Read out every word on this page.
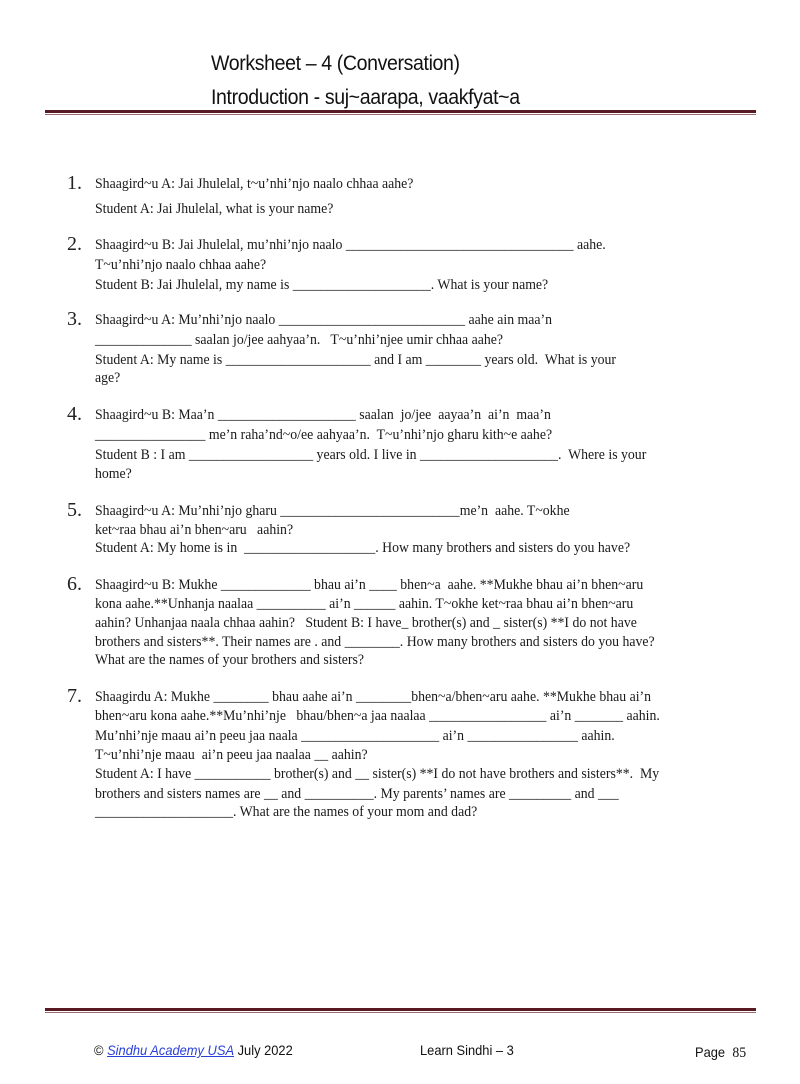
Worksheet – 4 (Conversation)
Introduction - suj~aarapa, vaakfyat~a
1. Shaagird~u A: Jai Jhulelal, t~u’nhi’njo naalo chhaa aahe?
Student A: Jai Jhulelal, what is your name?
2. Shaagird~u B: Jai Jhulelal, mu’nhi’njo naalo _________________________________ aahe.
T~u’nhi’njo naalo chhaa aahe?
Student B: Jai Jhulelal, my name is ____________________. What is your name?
3. Shaagird~u A: Mu’nhi’njo naalo ___________________________ aahe ain maa’n
______________ saalan jo/jee aahyaa’n.   T~u’nhi’njee umir chhaa aahe?
Student A: My name is _____________________ and I am ________ years old.  What is your
age?
4. Shaagird~u B: Maa’n ____________________ saalan  jo/jee  aayaa’n  ai’n  maa’n
________________ me’n raha’nd~o/ee aahyaa’n.  T~u’nhi’njo gharu kith~e aahe?
Student B : I am __________________ years old. I live in ____________________.  Where is your
home?
5. Shaagird~u A: Mu’nhi’njo gharu __________________________me’n  aahe. T~okhe
ket~raa bhau ai’n bhen~aru   aahin?
Student A: My home is in  ___________________. How many brothers and sisters do you have?
6. Shaagird~u B: Mukhe _____________ bhau ai’n ____ bhen~a  aahe. **Mukhe bhau ai’n bhen~aru
kona aahe.**Unhanja naalaa __________ ai’n ______ aahin. T~okhe ket~raa bhau ai’n bhen~aru
aahin? Unhanjaa naala chhaa aahin?   Student B: I have_ brother(s) and _ sister(s) **I do not have
brothers and sisters**. Their names are . and ________. How many brothers and sisters do you have?
What are the names of your brothers and sisters?
7. Shaagirdu A: Mukhe ________ bhau aahe ai’n ________bhen~a/bhen~aru aahe. **Mukhe bhau ai’n
bhen~aru kona aahe.**Mu’nhi’nje   bhau/bhen~a jaa naalaa _________________ ai’n _______ aahin.
Mu’nhi’nje maau ai’n peeu jaa naala ____________________ ai’n ________________ aahin.
T~u’nhi’nje maau  ai’n peeu jaa naalaa __ aahin?
Student A: I have ___________ brother(s) and __ sister(s) **I do not have brothers and sisters**.  My
brothers and sisters names are __ and __________. My parents’ names are _________ and ___
____________________. What are the names of your mom and dad?
© Sindhu Academy USA July 2022	Learn Sindhi – 3	Page 85
